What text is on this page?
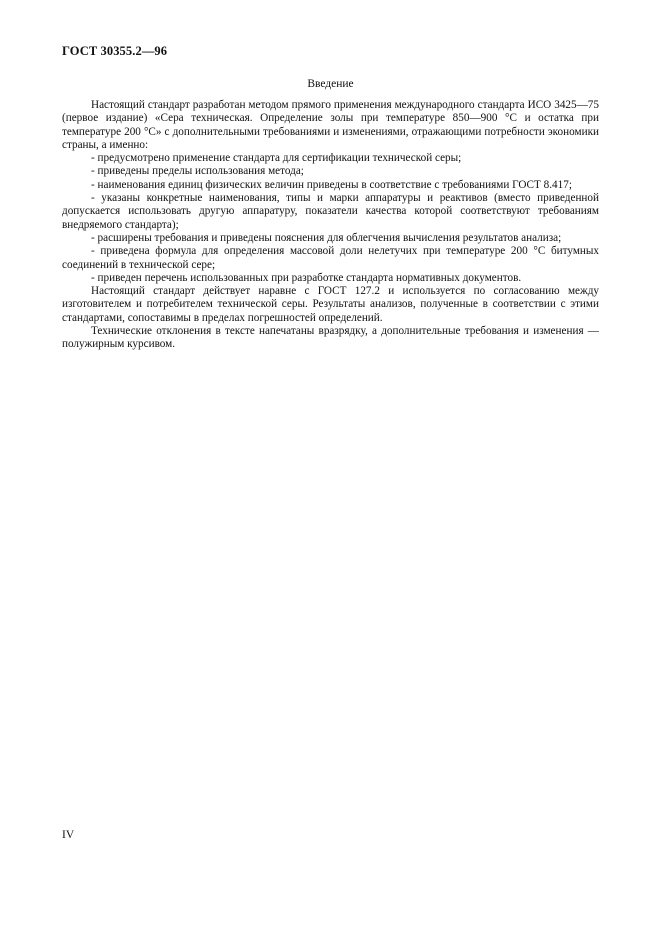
ГОСТ 30355.2—96
Введение

Настоящий стандарт разработан методом прямого применения международного стандарта ИСО 3425—75 (первое издание) «Сера техническая. Определение золы при температуре 850—900 °С и остатка при температуре 200 °С» с дополнительными требованиями и изменениями, отражающими потребности экономики страны, а именно:

- предусмотрено применение стандарта для сертификации технической серы;

- приведены пределы использования метода;

- наименования единиц физических величин приведены в соответствие с требованиями ГОСТ 8.417;

- указаны конкретные наименования, типы и марки аппаратуры и реактивов (вместо приведенной допускается использовать другую аппаратуру, показатели качества которой соответствуют требованиям внедряемого стандарта);

- расширены требования и приведены пояснения для облегчения вычисления результатов анализа;

- приведена формула для определения массовой доли нелетучих при температуре 200 °С битумных соединений в технической сере;

- приведен перечень использованных при разработке стандарта нормативных документов.

Настоящий стандарт действует наравне с ГОСТ 127.2 и используется по согласованию между изготовителем и потребителем технической серы. Результаты анализов, полученные в соответствии с этими стандартами, сопоставимы в пределах погрешностей определений.

Технические отклонения в тексте напечатаны вразрядку, а дополнительные требования и изменения — полужирным курсивом.

IV
